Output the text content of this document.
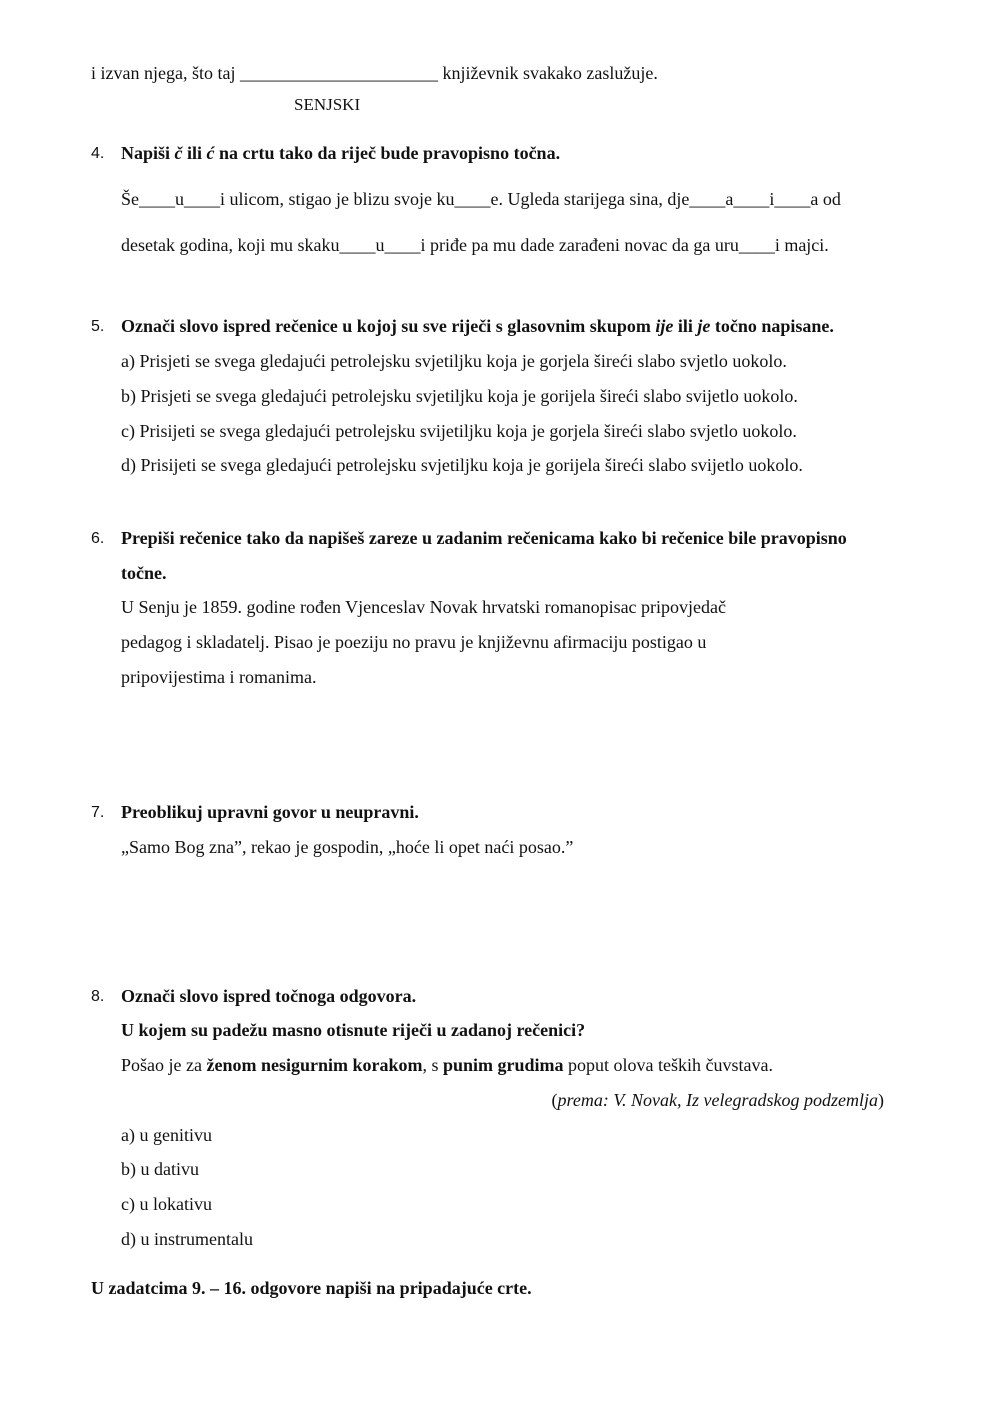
i izvan njega, što taj ______________________ književnik svakako zaslužuje.
SENJSKI
4. Napiši č ili ć na crtu tako da riječ bude pravopisno točna.
Še____u____i ulicom, stigao je blizu svoje ku____e. Ugleda starijega sina, dje____a____i____a od
desetak godina, koji mu skaku____u____i priđe pa mu dade zarađeni novac da ga uru____i majci.
5. Označi slovo ispred rečenice u kojoj su sve riječi s glasovnim skupom ije ili je točno napisane.
a) Prisjeti se svega gledajući petrolejsku svjetiljku koja je gorjela šireći slabo svjetlo uokolo.
b) Prisjeti se svega gledajući petrolejsku svjetiljku koja je gorijela šireći slabo svijetlo uokolo.
c) Prisijeti se svega gledajući petrolejsku svijetiljku koja je gorjela šireći slabo svjetlo uokolo.
d) Prisijeti se svega gledajući petrolejsku svjetiljku koja je gorijela šireći slabo svijetlo uokolo.
6. Prepiši rečenice tako da napišeš zareze u zadanim rečenicama kako bi rečenice bile pravopisno
točne.
U Senju je 1859. godine rođen Vjenceslav Novak hrvatski romanopisac pripovjedač
pedagog i skladatelj. Pisao je poeziju no pravu je književnu afirmaciju postigao u
pripovijestima i romanima.
7. Preoblikuj upravni govor u neupravni.
„Samo Bog zna”, rekao je gospodin, „hoće li opet naći posao.”
8. Označi slovo ispred točnoga odgovora.
U kojem su padežu masno otisnute riječi u zadanoj rečenici?
Pošao je za ženom nesigurnim korakom, s punim grudima poput olova teških čuvstava.
(prema: V. Novak, Iz velegradskog podzemlja)
a) u genitivu
b) u dativu
c) u lokativu
d) u instrumentalu
U zadatcima 9. – 16. odgovore napiši na pripadajuće crte.
